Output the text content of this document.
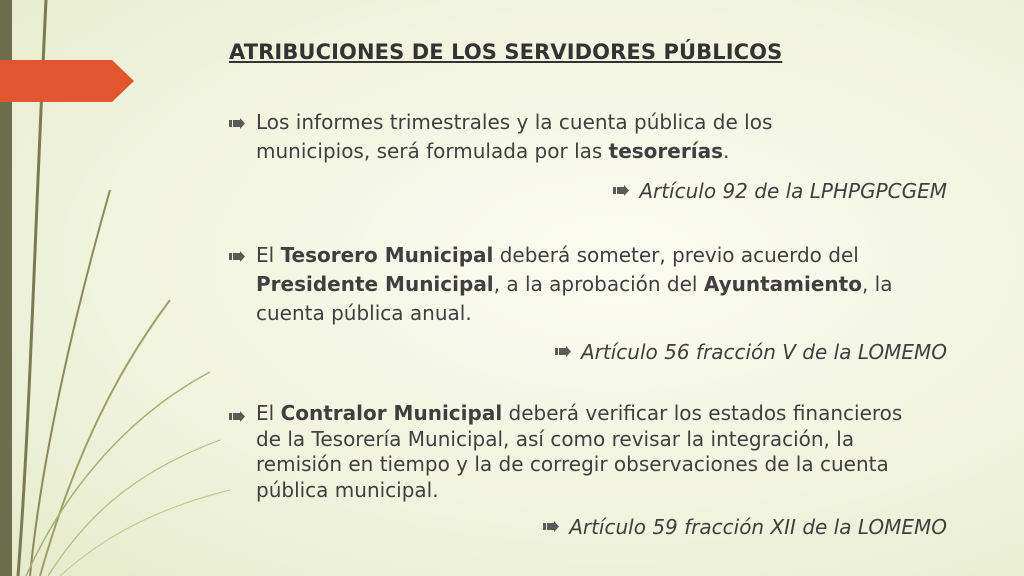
ATRIBUCIONES DE LOS SERVIDORES PÚBLICOS
Los informes trimestrales y la cuenta pública de los municipios, será formulada por las tesorerías.
Artículo 92 de la LPHPGPCGEM
El Tesorero Municipal deberá someter, previo acuerdo del Presidente Municipal, a la aprobación del Ayuntamiento, la cuenta pública anual.
Artículo 56 fracción V de la LOMEMO
El Contralor Municipal deberá verificar los estados financieros de la Tesorería Municipal, así como revisar la integración, la remisión en tiempo y la de corregir observaciones de la cuenta pública municipal.
Artículo 59 fracción XII de la LOMEMO
